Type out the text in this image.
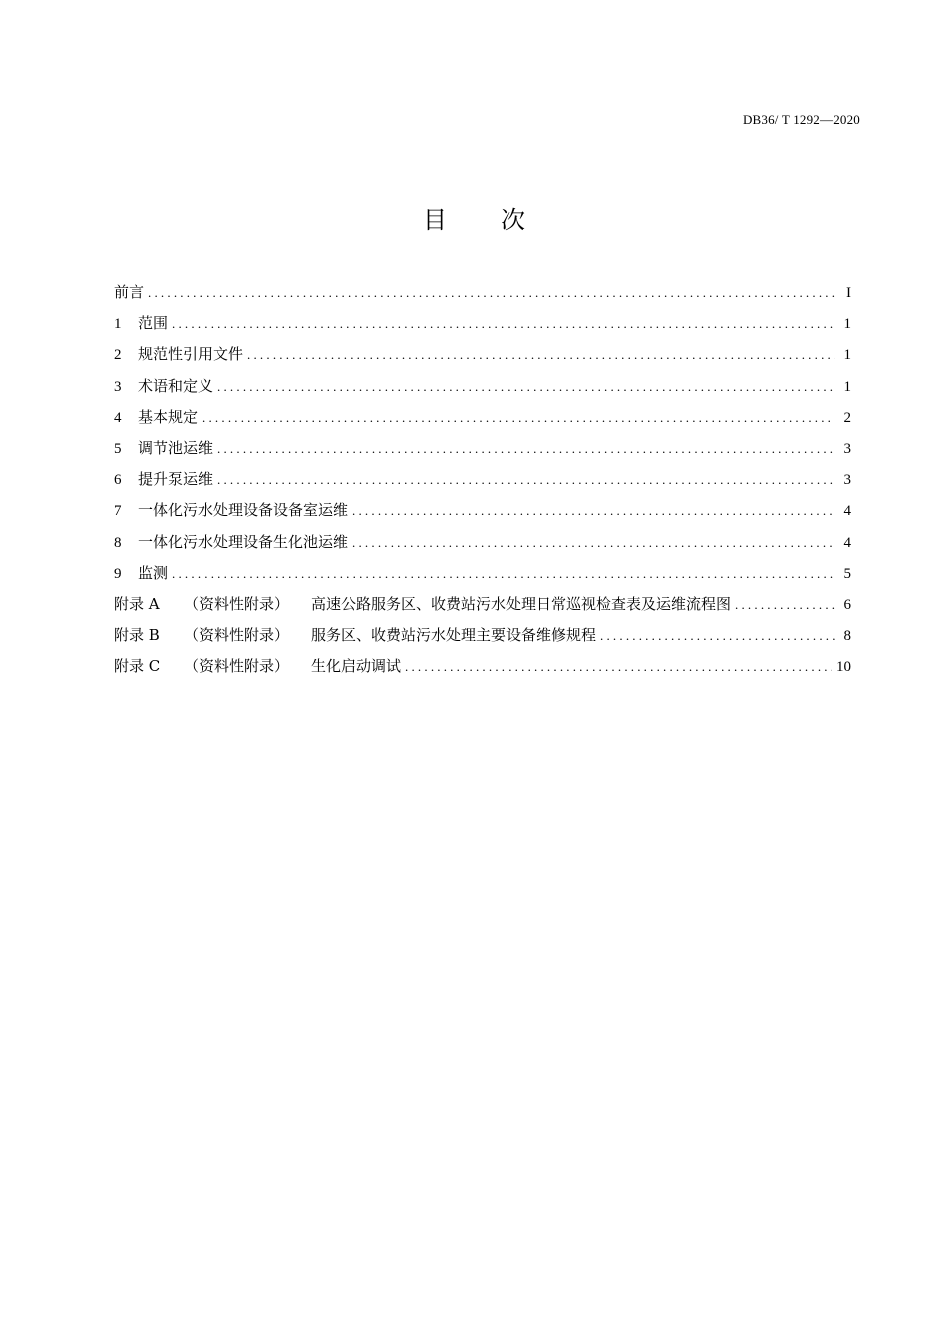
DB36/ T 1292—2020
目 次
前言 .....	I
1	范围 .....	1
2	规范性引用文件 .....	1
3	术语和定义 .....	1
4	基本规定 .....	2
5	调节池运维 .....	3
6	提升泵运维 .....	3
7	一体化污水处理设备设备室运维 .....	4
8	一体化污水处理设备生化池运维 .....	4
9	监测 .....	5
附录 A （资料性附录）	高速公路服务区、收费站污水处理日常巡视检查表及运维流程图 .....	6
附录 B （资料性附录）	服务区、收费站污水处理主要设备维修规程 .....	8
附录 C （资料性附录）	生化启动调试 .....	10
